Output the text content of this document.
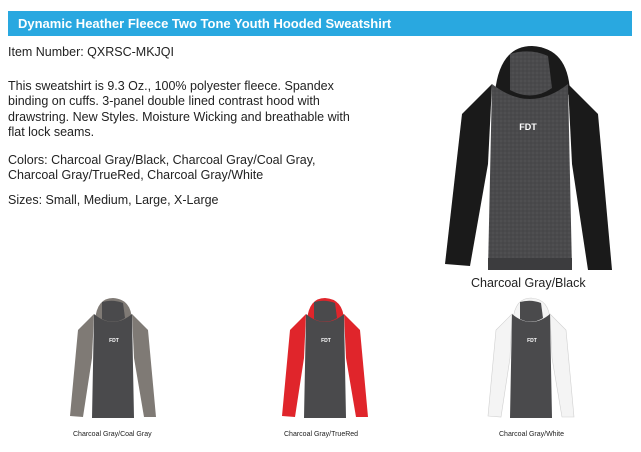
Dynamic Heather Fleece Two Tone Youth Hooded Sweatshirt

Item Number: QXRSC-MKJQI

This sweatshirt is 9.3 Oz., 100% polyester fleece. Spandex binding on cuffs. 3-panel double lined contrast hood with drawstring. New Styles. Moisture Wicking and breathable with flat lock seams.

Colors: Charcoal Gray/Black, Charcoal Gray/Coal Gray, Charcoal Gray/TrueRed, Charcoal Gray/White

Sizes: Small, Medium, Large, X-Large

FDT
Charcoal Gray/Black
FDT
Charcoal Gray/Coal Gray
FDT
Charcoal Gray/TrueRed
FDT
Charcoal Gray/White
